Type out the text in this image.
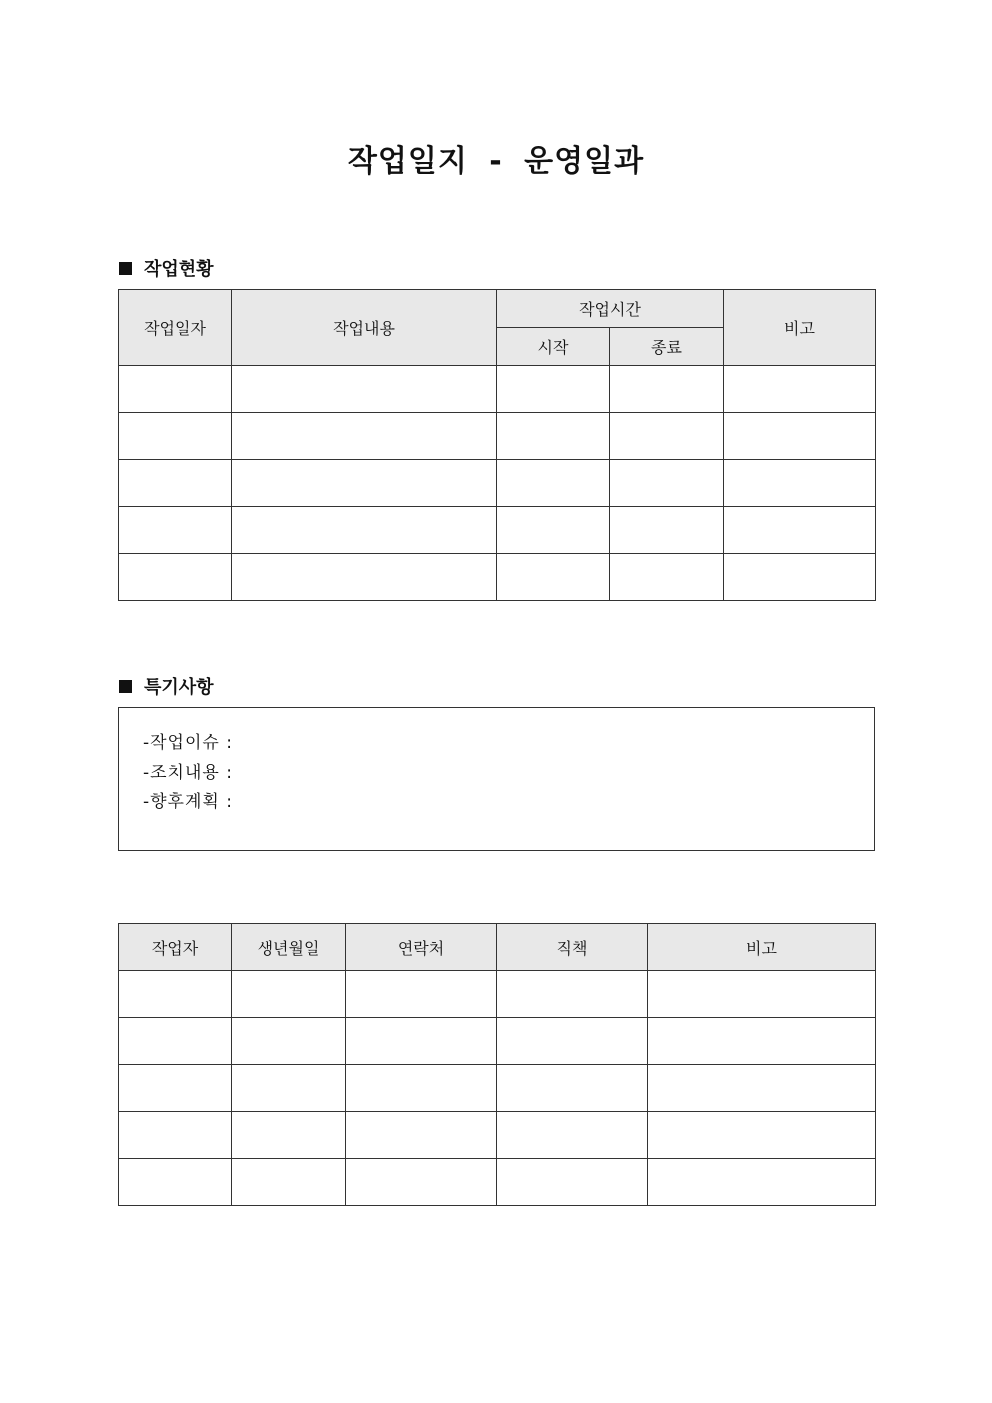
작업일지 - 운영일과
작업현황
작업일자	작업내용	작업시간		비고
		시작	종료	

특기사항
-작업이슈 :
-조치내용 :
-향후계획 :
작업자	생년월일	연락처	직책	비고
